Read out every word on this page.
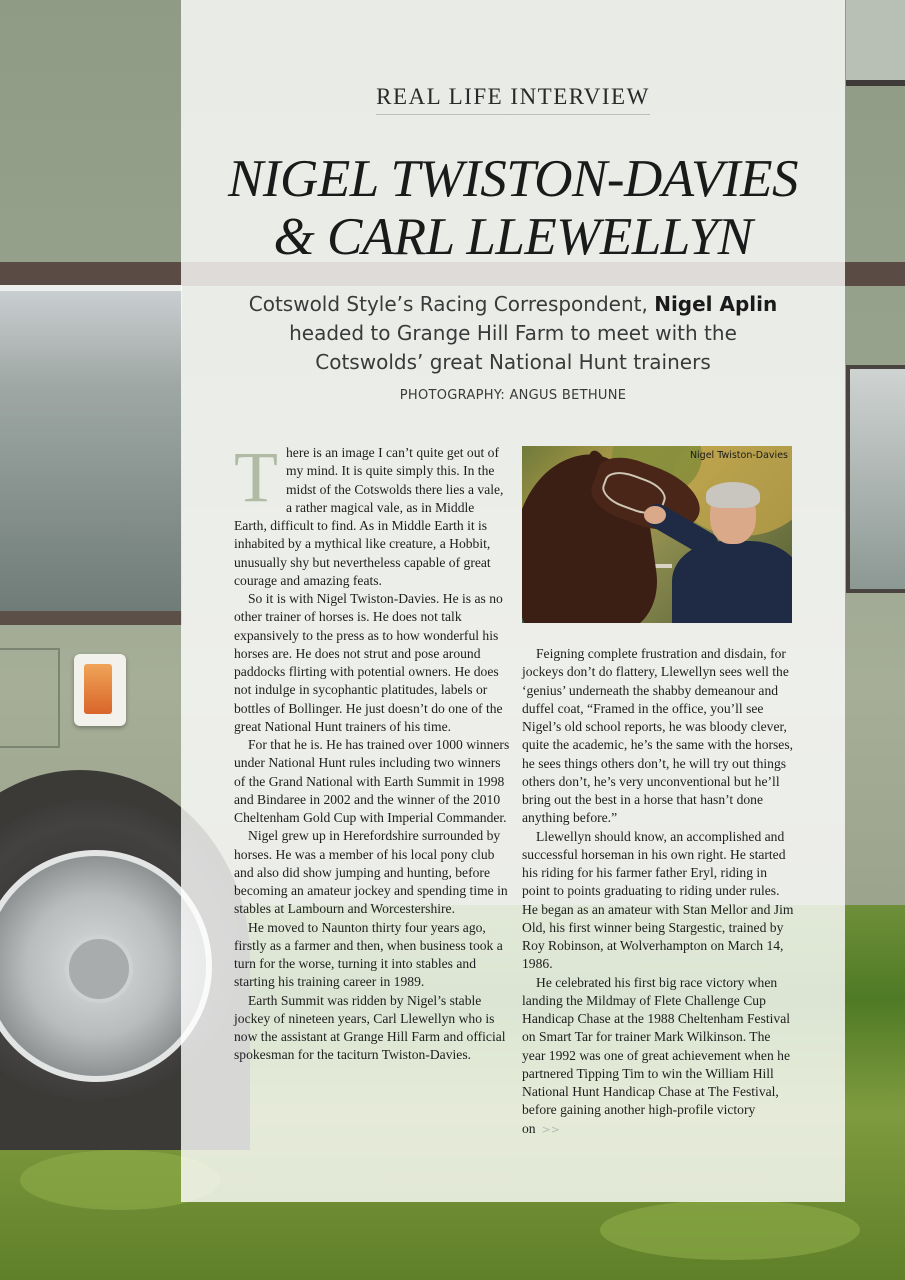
REAL LIFE INTERVIEW
NIGEL TWISTON-DAVIES
& CARL LLEWELLYN
Cotswold Style’s Racing Correspondent, Nigel Aplin
headed to Grange Hill Farm to meet with the
Cotswolds’ great National Hunt trainers
PHOTOGRAPHY: ANGUS BETHUNE

There is an image I can’t quite get out of my mind. It is quite simply this. In the midst of the Cotswolds there lies a vale, a rather magical vale, as in Middle Earth, difficult to find. As in Middle Earth it is inhabited by a mythical like creature, a Hobbit, unusually shy but nevertheless capable of great courage and amazing feats.

So it is with Nigel Twiston-Davies. He is as no other trainer of horses is. He does not talk expansively to the press as to how wonderful his horses are. He does not strut and pose around paddocks flirting with potential owners. He does not indulge in sycophantic platitudes, labels or bottles of Bollinger. He just doesn’t do one of the great National Hunt trainers of his time.

For that he is. He has trained over 1000 winners under National Hunt rules including two winners of the Grand National with Earth Summit in 1998 and Bindaree in 2002 and the winner of the 2010 Cheltenham Gold Cup with Imperial Commander.

Nigel grew up in Herefordshire surrounded by horses. He was a member of his local pony club and also did show jumping and hunting, before becoming an amateur jockey and spending time in stables at Lambourn and Worcestershire.

He moved to Naunton thirty four years ago, firstly as a farmer and then, when business took a turn for the worse, turning it into stables and starting his training career in 1989.

Earth Summit was ridden by Nigel’s stable jockey of nineteen years, Carl Llewellyn who is now the assistant at Grange Hill Farm and official spokesman for the taciturn Twiston-Davies.

Nigel Twiston-Davies

Feigning complete frustration and disdain, for jockeys don’t do flattery, Llewellyn sees well the ‘genius’ underneath the shabby demeanour and duffel coat, “Framed in the office, you’ll see Nigel’s old school reports, he was bloody clever, quite the academic, he’s the same with the horses, he sees things others don’t, he will try out things others don’t, he’s very unconventional but he’ll bring out the best in a horse that hasn’t done anything before.”

Llewellyn should know, an accomplished and successful horseman in his own right. He started his riding for his farmer father Eryl, riding in point to points graduating to riding under rules. He began as an amateur with Stan Mellor and Jim Old, his first winner being Stargestic, trained by Roy Robinson, at Wolverhampton on March 14, 1986.

He celebrated his first big race victory when landing the Mildmay of Flete Challenge Cup Handicap Chase at the 1988 Cheltenham Festival on Smart Tar for trainer Mark Wilkinson. The year 1992 was one of great achievement when he partnered Tipping Tim to win the William Hill National Hunt Handicap Chase at The Festival, before gaining another high-profile victory on >>
